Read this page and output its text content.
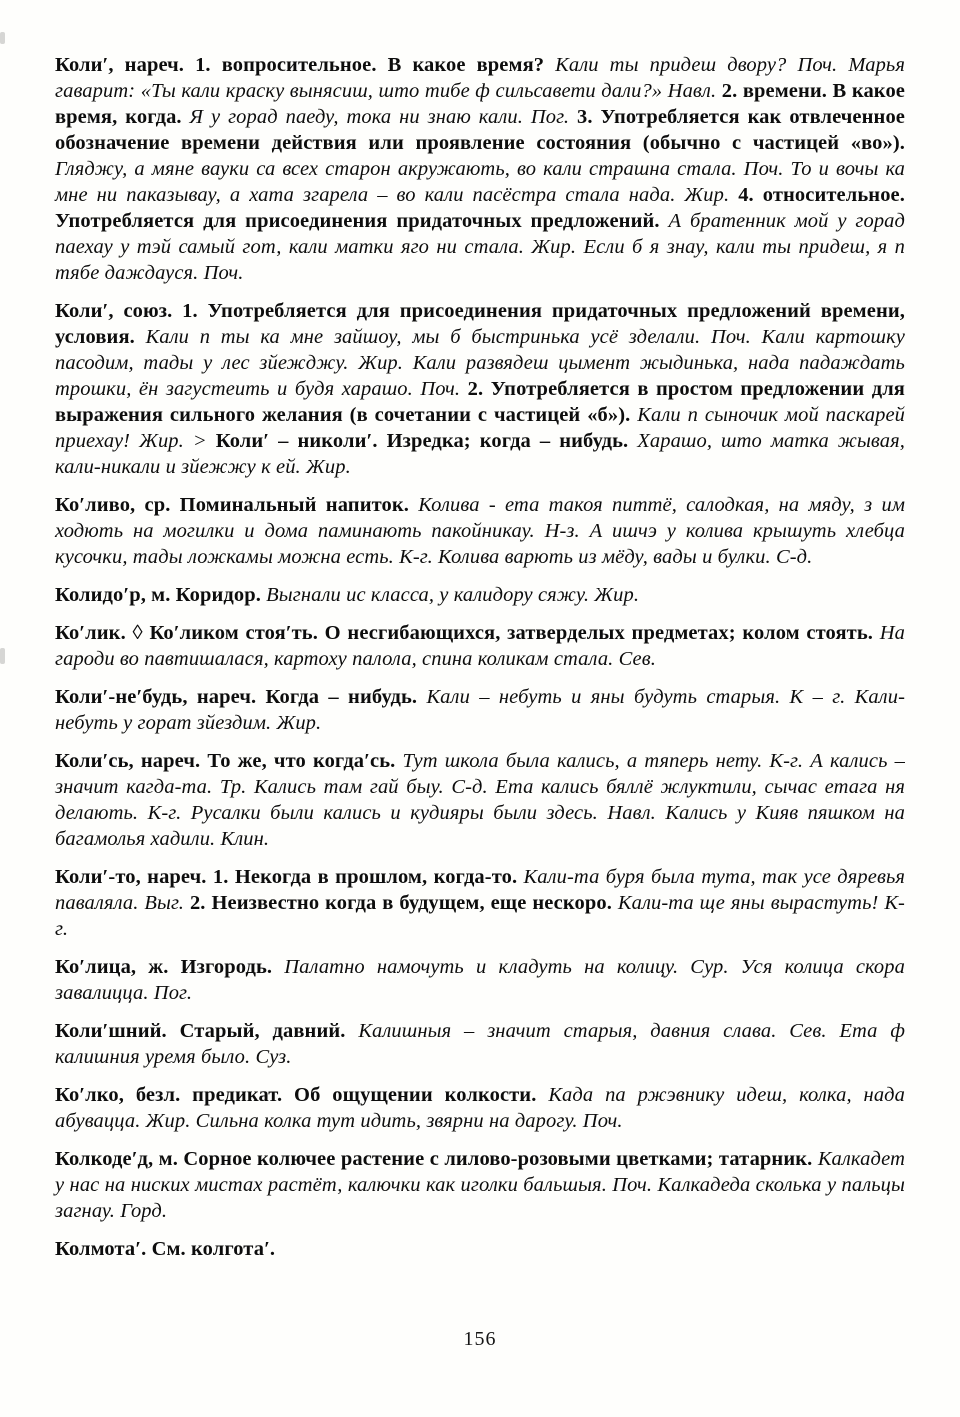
Коли′, нареч. 1. вопросительное. В какое время? Кали ты придеш двору? Поч. Марья гаварит: «Ты кали краску вынясиш, што тибе ф сильсавети дали?» Навл. 2. времени. В какое время, когда. Я у горад паеду, тока ни знаю кали. Пог. 3. Употребляется как отвлеченное обозначение времени действия или проявление состояния (обычно с частицей «во»). Гляджу, а мяне вауки са всех старон акружають, во кали страшна стала. Поч. То и вочы ка мне ни паказывау, а хата згарела – во кали пасёстра стала нада. Жир. 4. относительное. Употребляется для присоединения придаточных предложений. А братенник мой у горад паехау у тэй самый гот, кали матки яго ни стала. Жир. Если б я знау, кали ты придеш, я п тябе даждауся. Поч.

Коли′, союз. 1. Употребляется для присоединения придаточных предложений времени, условия. Кали п ты ка мне зайшоу, мы б быстринька усё зделали. Поч. Кали картошку пасодим, тады у лес зйежджу. Жир. Кали развядеш цымент жыдинька, нада падаждать трошки, ён загустеить и будя харашо. Поч. 2. Употребляется в простом предложении для выражения сильного желания (в сочетании с частицей «б»). Кали п сыночик мой паскарей приехау! Жир. > Коли′ – николи′. Изредка; когда – нибудь. Харашо, што матка жывая, кали-никали и зйежжу к ей. Жир.

Ко′ливо, ср. Поминальный напиток. Колива - ета такоя питтё, салодкая, на мяду, з им ходють на могилки и дома паминають пакойникау. Н-з. А ишчэ у колива крышуть хлебца кусочки, тады ложкамы можна есть. К-г. Колива варють из мёду, вады и булки. С-д.

Колидо′р, м. Коридор. Выгнали ис класса, у калидору сяжу. Жир.

Ко′лик. ◊ Ко′ликом стоя′ть. О несгибающихся, затверделых предметах; колом стоять. На гароди во павтишалася, картоху палола, спина коликам стала. Сев.

Коли′-не′будь, нареч. Когда – нибудь. Кали – небуть и яны будуть старыя. К – г. Кали-небуть у горат зйездим. Жир.

Коли′сь, нареч. То же, что когда′сь. Тут школа была кались, а тяперь нету. К-г. А кались – значит кагда-та. Тр. Кались там гай быу. С-д. Ета кались бяллё жлуктили, сычас етага ня делають. К-г. Русалки были кались и кудияры были здесь. Навл. Кались у Кияв пяшком на багамолья хадили. Клин.

Коли′-то, нареч. 1. Некогда в прошлом, когда-то. Кали-та буря была тута, так усе дяревья паваляла. Выг. 2. Неизвестно когда в будущем, еще нескоро. Кали-та ще яны вырастуть! К-г.

Ко′лица, ж. Изгородь. Палатно намочуть и кладуть на колицу. Сур. Уся колица скора завалицца. Пог.

Коли′шний. Старый, давний. Калишныя – значит старыя, давния слава. Сев. Ета ф калишния уремя было. Суз.

Ко′лко, безл. предикат. Об ощущении колкости. Када па ржэвнику идеш, колка, нада абувацца. Жир. Сильна колка тут идить, звярни на дарогу. Поч.

Колкоде′д, м. Сорное колючее растение с лилово-розовыми цветками; татарник. Калкадет у нас на ниских мистах растёт, калючки как иголки бальшыя. Поч. Калкадеда сколька у пальцы загнау. Горд.

Колмота′. См. колгота′.

156
